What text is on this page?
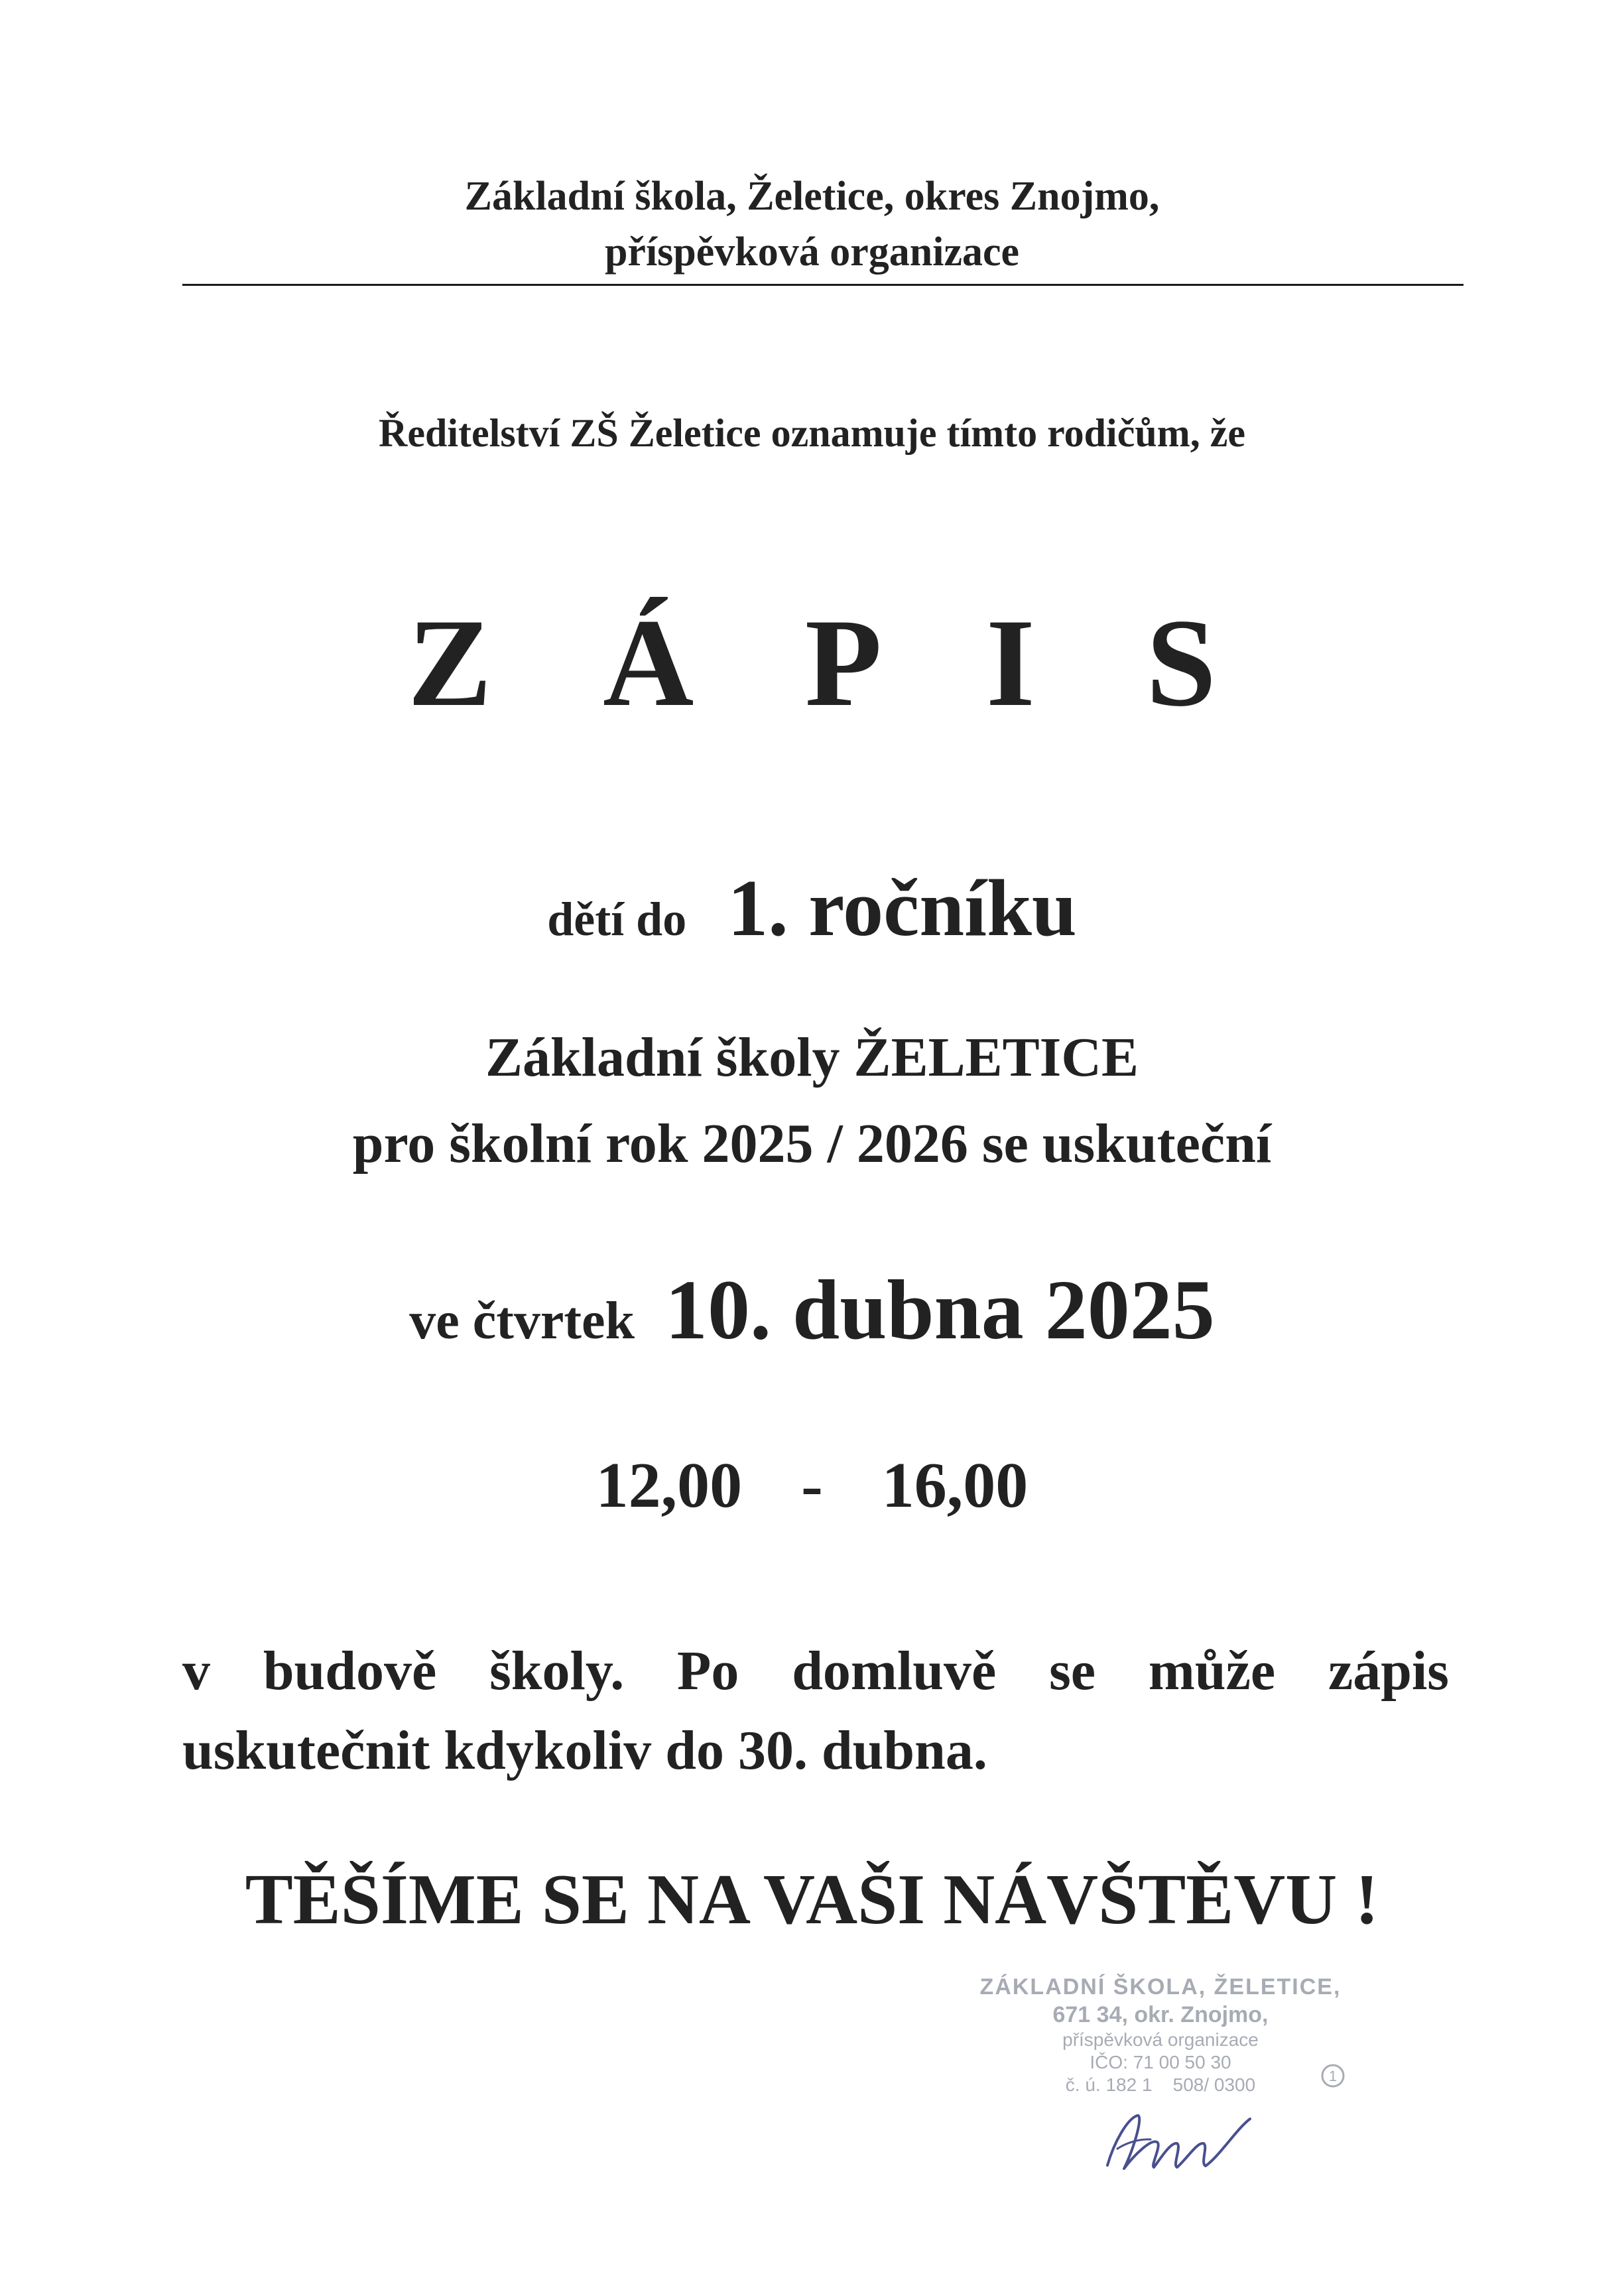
Základní škola, Želetice, okres Znojmo,
příspěvková organizace
Ředitelství ZŠ Želetice oznamuje tímto rodičům, že
Z Á P I S
dětí do 1. ročníku
Základní školy ŽELETICE
pro školní rok 2025 / 2026 se uskuteční
ve čtvrtek 10. dubna 2025
12,00  -  16,00
v budově školy. Po domluvě se může zápis
uskutečnit kdykoliv do 30. dubna.
TĚŠÍME SE NA VAŠI NÁVŠTĚVU !
ZÁKLADNÍ ŠKOLA, ŽELETICE,
671 34, okr. Znojmo,
příspěvková organizace
IČO: 71 00 50 30
č. ú. 182 1    508/ 0300	1
